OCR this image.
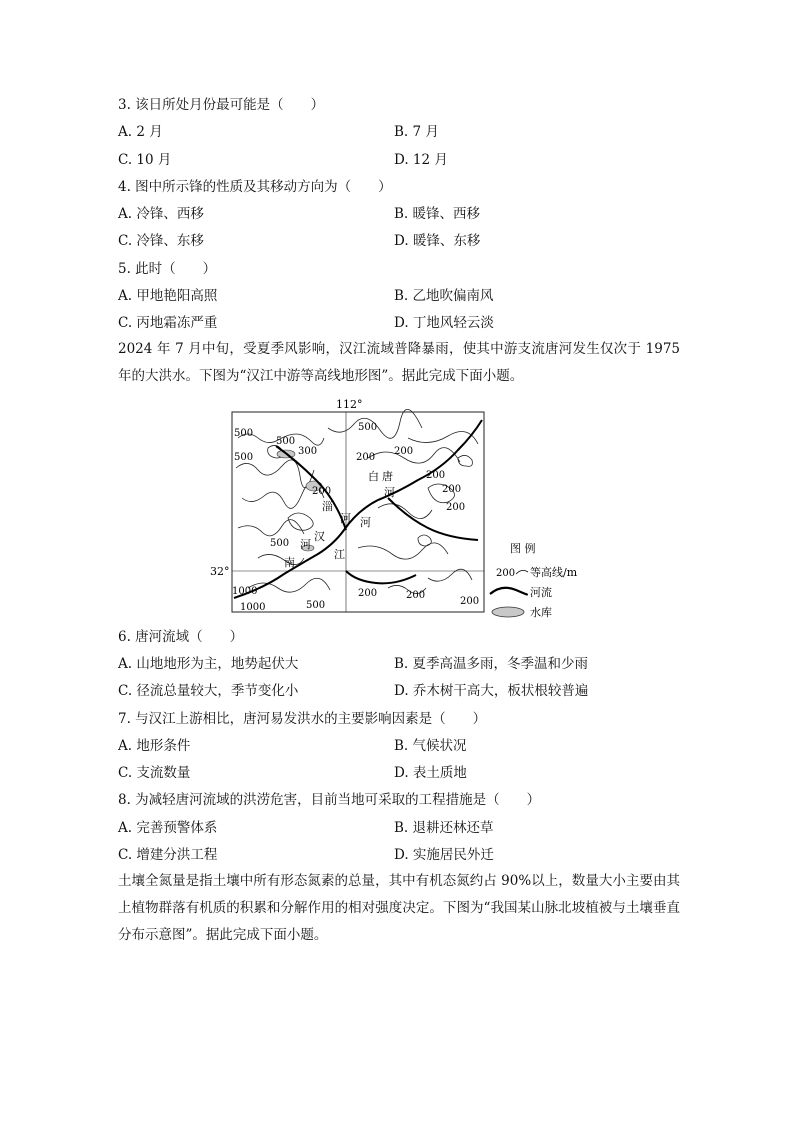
3. 该日所处月份最可能是（　　）
A. 2 月	B. 7 月
C. 10 月	D. 12 月
4. 图中所示锋的性质及其移动方向为（　　）
A. 冷锋、西移	B. 暖锋、西移
C. 冷锋、东移	D. 暖锋、东移
5. 此时（　　）
A. 甲地艳阳高照	B. 乙地吹偏南风
C. 丙地霜冻严重	D. 丁地风轻云淡
2024 年 7 月中旬，受夏季风影响，汉江流域普降暴雨，使其中游支流唐河发生仅次于 1975 年的大洪水。下图为“汉江中游等高线地形图”。据此完成下面小题。
112°
32°
淄
河
白
河
唐
河
汉
江
南
河
500
500
300
500
200
200
200
200
200
200
500
500
1000
1000	500
200	200
200
图 例
200 等高线/m
河流
水库
6. 唐河流域（　　）
A. 山地地形为主，地势起伏大	B. 夏季高温多雨，冬季温和少雨
C. 径流总量较大，季节变化小	D. 乔木树干高大，板状根较普遍
7. 与汉江上游相比，唐河易发洪水的主要影响因素是（　　）
A. 地形条件	B. 气候状况
C. 支流数量	D. 表土质地
8. 为减轻唐河流域的洪涝危害，目前当地可采取的工程措施是（　　）
A. 完善预警体系	B. 退耕还林还草
C. 增建分洪工程	D. 实施居民外迁
土壤全氮量是指土壤中所有形态氮素的总量，其中有机态氮约占 90%以上，数量大小主要由其上植物群落有机质的积累和分解作用的相对强度决定。下图为“我国某山脉北坡植被与土壤垂直分布示意图”。据此完成下面小题。
